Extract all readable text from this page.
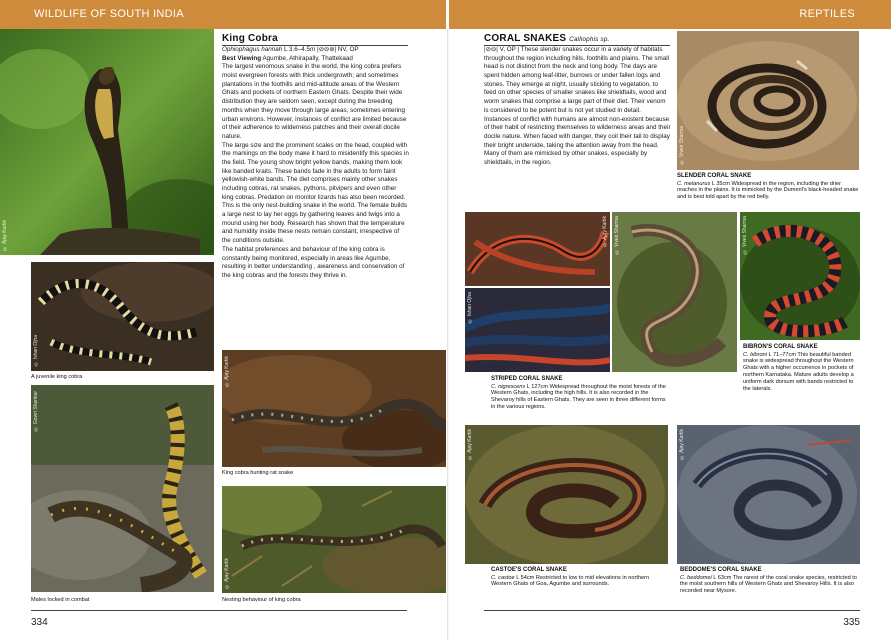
WILDLIFE OF SOUTH INDIA	REPTILES
© Ajay Kartik
© Ishan Ojha
A juvenile king cobra
© Gowri Shankar
Males locked in combat
© Ajay Kartik
King cobra hunting rat snake
© Ajay Kartik
Nesting behaviour of king cobra
King Cobra

Ophiophagus hannah L 3.6–4.5m |⊘⊖⊛| NV, OP

Best Viewing Agumbe, Athirapally, Thattekaad

The largest venomous snake in the world, the king cobra prefers moist evergreen forests with thick undergrowth; and sometimes plantations in the foothills and mid-altitude areas of the Western Ghats and pockets of northern Eastern Ghats. Despite their wide distribution they are seldom seen, except during the breeding months when they move through large areas, sometimes entering urban environs. However, instances of conflict are limited because of their adherence to wilderness patches and their overall docile nature.

The large size and the prominent scales on the head, coupled with the markings on the body make it hard to misidentify this species in the field. The young show bright yellow bands, making them look like banded kraits. These bands fade in the adults to form faint yellowish-white bands. The diet comprises mainly other snakes including cobras, rat snakes, pythons, pitvipers and even other king cobras. Predation on monitor lizards has also been recorded.

This is the only nest-building snake in the world. The female builds a large nest to lay her eggs by gathering leaves and twigs into a mound using her body. Research has shown that the temperature and humidity inside these nests remain constant, irrespective of the conditions outside.

The habitat preferences and behaviour of the king cobra is constantly being monitored, especially in areas like Agumbe, resulting in better understanding , awareness and conservation of the king cobras and the forests they thrive in.

334
CORAL SNAKES Calliophis sp.

|⊘⊖| V, OP | These slender snakes occur in a variety of habitats throughout the region including hills, foothills and plains. The small head is not distinct from the neck and long body. The days are spent hidden among leaf-litter, burrows or under fallen logs and stones. They emerge at night, usually sticking to vegetation, to feed on other species of smaller snakes like shieldtails, wood and worm snakes that comprise a large part of their diet. Their venom is considered to be potent but is not yet studied in detail.

Instances of conflict with humans are almost non-existent because of their habit of restricting themselves to wilderness areas and their docile nature. When faced with danger, they coil their tail to display their bright underside, taking the attention away from the head. Many of them are mimicked by other snakes, especially by shieldtails, in the region.	© Vivek Sharma
SLENDER CORAL SNAKE
C. melanurus L 35cm Widespread in the region, including the drier reaches in the plains. It is mimicked by the Dumeril's black-headed snake and is best told apart by the red belly.
© Ajay Kartik
© Ishan Ojha
© Vivek Sharma
STRIPED CORAL SNAKE
C. nigrescens L 127cm Widespread throughout the moist forests of the Western Ghats, including the high hills. It is also recorded in the Shevaroy hills of Eastern Ghats. They are seen in three different forms in the various regions.
© Vivek Sharma
BIBRON'S CORAL SNAKE
C. bibroni L 71–77cm This beautiful banded snake is widespread throughout the Western Ghats with a higher occurrence in pockets of northern Karnataka. Mature adults develop a uniform dark dorsum with bands restricted to the laterals.
© Ajay Kartik
CASTOE'S CORAL SNAKE
C. castoe L 54cm Restricted to low to mid elevations in northern Western Ghats of Goa, Agumbe and surrounds.
© Ajay Kartik
BEDDOME'S CORAL SNAKE
C. beddomei L 63cm The rarest of the coral snake species, restricted to the moist southern hills of Western Ghats and Shevaroy Hills. It is also recorded near Mysore.
335
